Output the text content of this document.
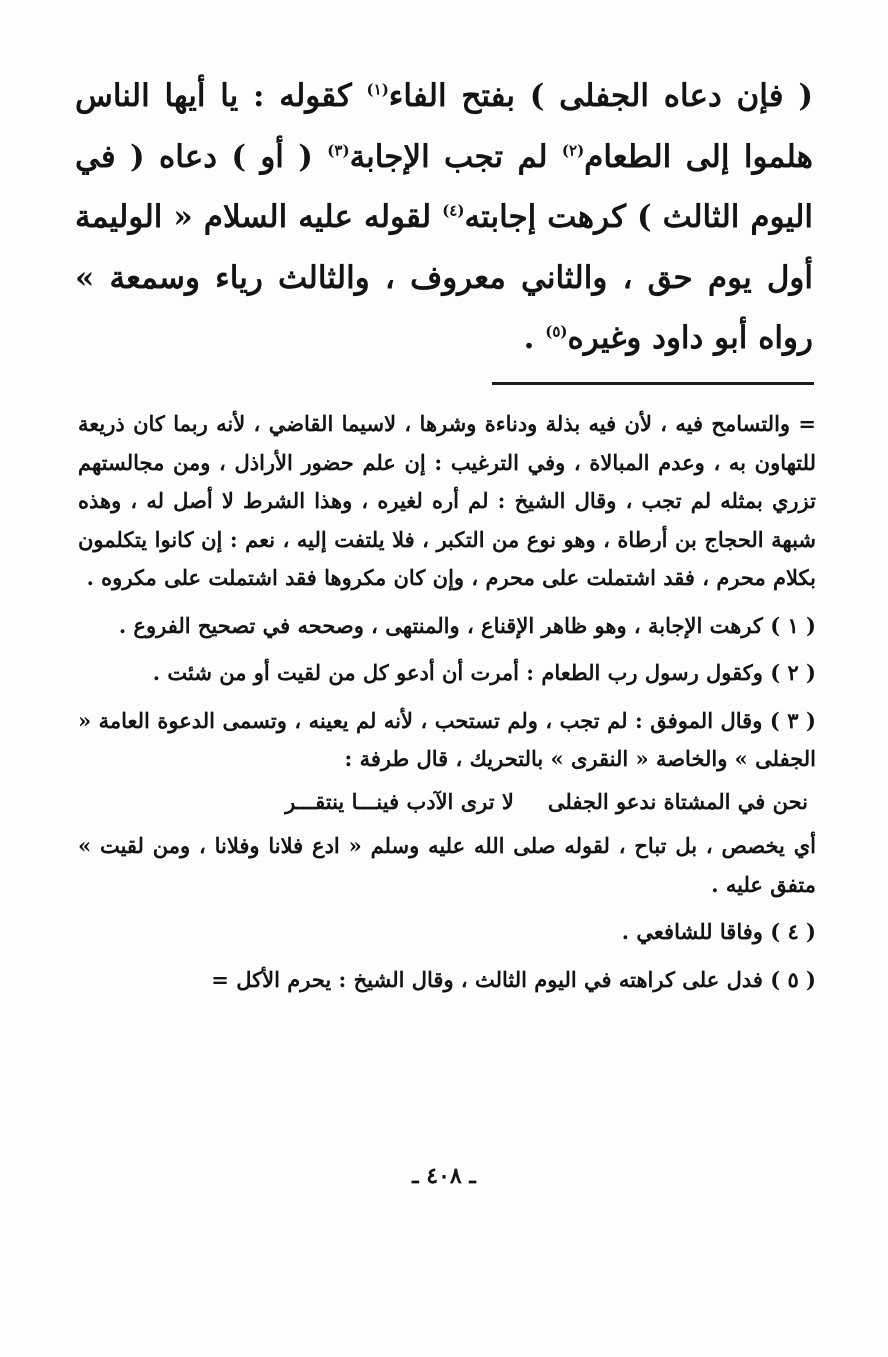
( فإن دعاه الجفلى ) بفتح الفاء$^{(١)}$ كقوله : يا أيها الناس هلموا إلى الطعام$^{(٢)}$ لم تجب الإجابة$^{(٣)}$ ( أو ) دعاه ( في اليوم الثالث ) كرهت إجابته$^{(٤)}$ لقوله عليه السلام « الوليمة أول يوم حق ، والثاني معروف ، والثالث رياء وسمعة » رواه أبو داود وغيره$^{(٥)}$ .

= والتسامح فيه ، لأن فيه بذلة ودناءة وشرها ، لاسيما القاضي ، لأنه ربما كان ذريعة للتهاون به ، وعدم المبالاة ، وفي الترغيب : إن علم حضور الأراذل ، ومن مجالستهم تزري بمثله لم تجب ، وقال الشيخ : لم أره لغيره ، وهذا الشرط لا أصل له ، وهذه شبهة الحجاج بن أرطاة ، وهو نوع من التكبر ، فلا يلتفت إليه ، نعم : إن كانوا يتكلمون بكلام محرم ، فقد اشتملت على محرم ، وإن كان مكروها فقد اشتملت على مكروه .

( ١ ) كرهت الإجابة ، وهو ظاهر الإقناع ، والمنتهى ، وصححه في تصحيح الفروع .

( ٢ ) وكقول رسول رب الطعام : أمرت أن أدعو كل من لقيت أو من شئت .

( ٣ ) وقال الموفق : لم تجب ، ولم تستحب ، لأنه لم يعينه ، وتسمى الدعوة العامة « الجفلى » والخاصة « النقرى » بالتحريك ، قال طرفة :

نحن في المشتاة ندعو الجفلى
لا ترى الآدب فينـــا ينتقـــر

أي يخصص ، بل تباح ، لقوله صلى الله عليه وسلم « ادع فلانا وفلانا ، ومن لقيت » متفق عليه .

( ٤ ) وفاقا للشافعي .

( ٥ ) فدل على كراهته في اليوم الثالث ، وقال الشيخ : يحرم الأكل =

ـ ٤٠٨ ـ
